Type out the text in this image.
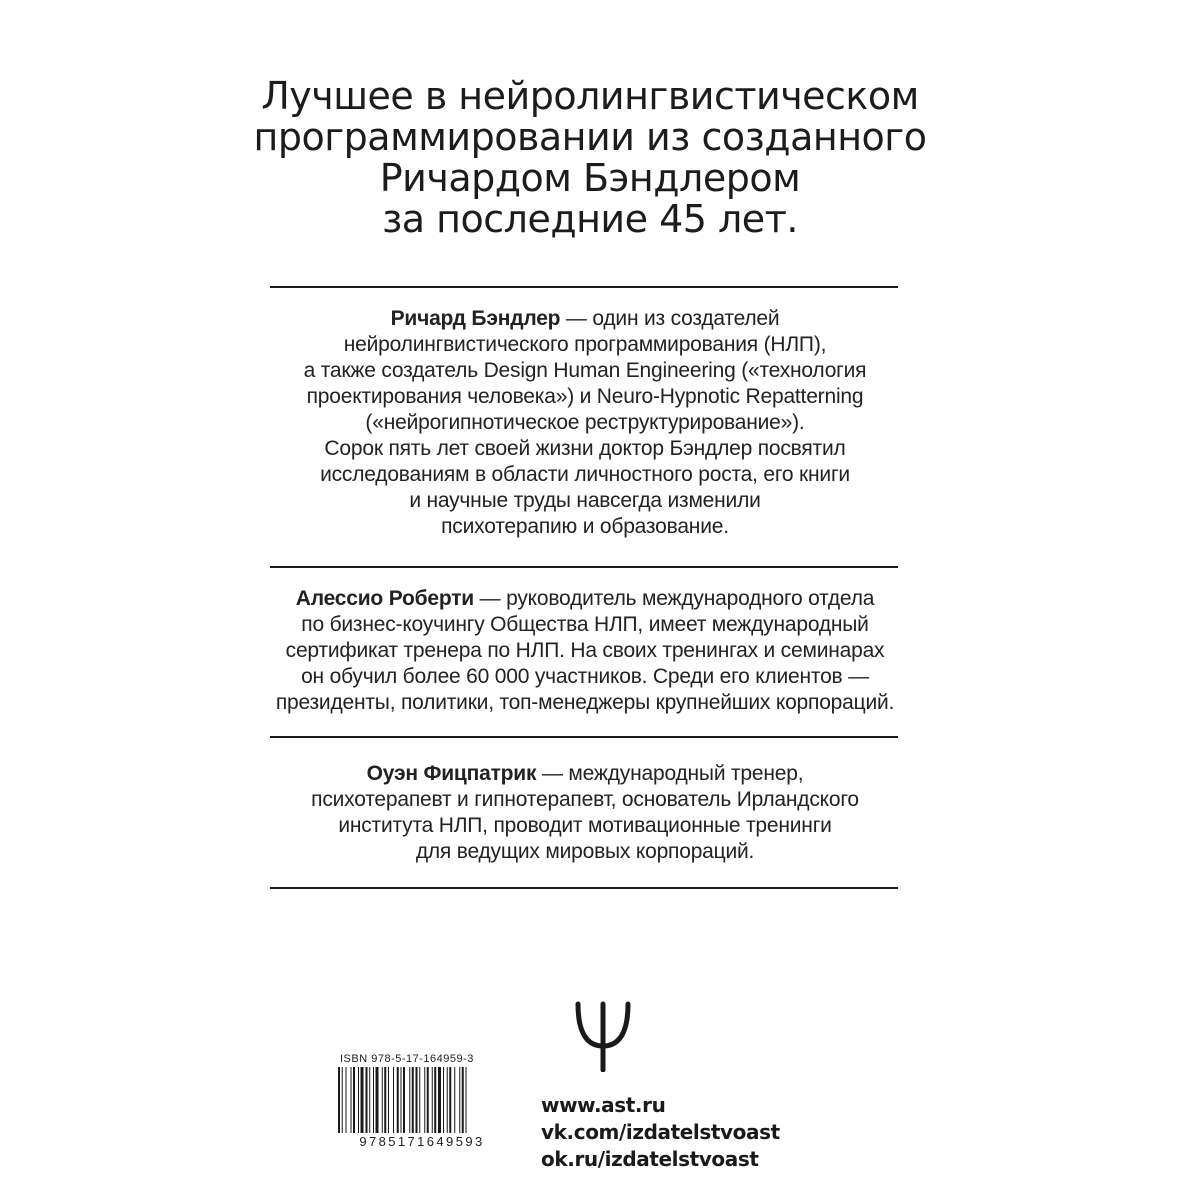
Лучшее в нейролингвистическом
программировании из созданного
Ричардом Бэндлером
за последние 45 лет.
Ричард Бэндлер — один из создателей
нейролингвистического программирования (НЛП),
а также создатель Design Human Engineering («технология
проектирования человека») и Neuro-Hypnotic Repatterning
(«нейрогипнотическое реструктурирование»).
Сорок пять лет своей жизни доктор Бэндлер посвятил
исследованиям в области личностного роста, его книги
и научные труды навсегда изменили
психотерапию и образование.
Алессио Роберти — руководитель международного отдела
по бизнес-коучингу Общества НЛП, имеет международный
сертификат тренера по НЛП. На своих тренингах и семинарах
он обучил более 60 000 участников. Среди его клиентов —
президенты, политики, топ-менеджеры крупнейших корпораций.
Оуэн Фицпатрик — международный тренер,
психотерапевт и гипнотерапевт, основатель Ирландского
института НЛП, проводит мотивационные тренинги
для ведущих мировых корпораций.
ISBN 978-5-17-164959-3
9785171649593
www.ast.ru
vk.com/izdatelstvoast
ok.ru/izdatelstvoast
